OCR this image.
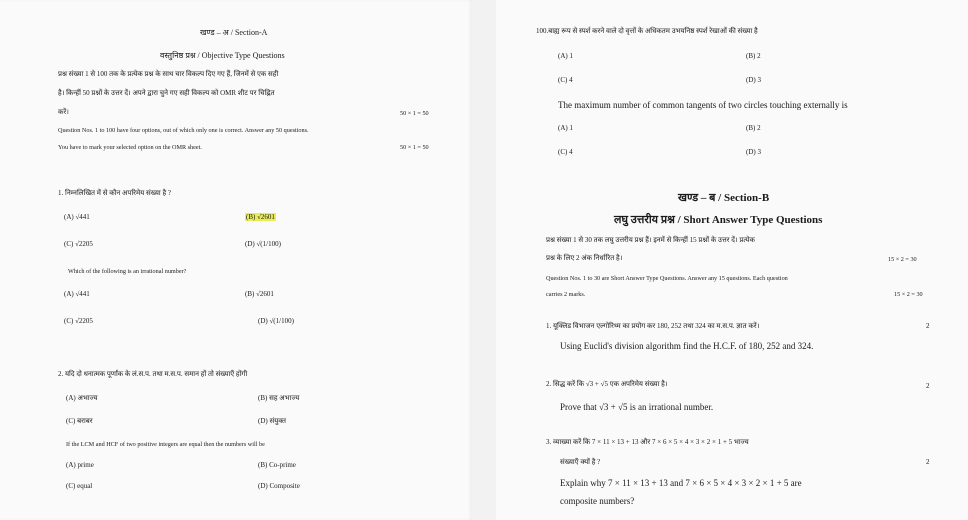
खण्ड – अ / Section-A
वस्तुनिष्ठ प्रश्न / Objective Type Questions
प्रश्न संख्या 1 से 100 तक के प्रत्येक प्रश्न के साथ चार विकल्प दिए गए हैं, जिनमें से एक सही
है। किन्हीं 50 प्रश्नों के उत्तर दें। अपने द्वारा चुने गए सही विकल्प को OMR शीट पर चिह्नित
करें।	50 × 1 = 50
Question Nos. 1 to 100 have four options, out of which only one is correct. Answer any 50 questions.
You have to mark your selected option on the OMR sheet.	50 × 1 = 50
1. निम्नलिखित में से कौन अपरिमेय संख्या है ?
(A) √441	(B) √2601
(C) √2205	(D) √(1/100)
Which of the following is an irrational number?
(A) √441	(B) √2601
(C) √2205	(D) √(1/100)
2. यदि दो धनात्मक पूर्णांक के लं.स.प. तथा म.स.प. समान हों तो संख्याएँ होंगी
(A) अभाज्य	(B) सह अभाज्य
(C) बराबर	(D) संयुक्त
If the LCM and HCF of two positive integers are equal then the numbers will be
(A) prime	(B) Co-prime
(C) equal	(D) Composite
100.बाह्य रूप से स्पर्श करने वाले दो वृत्तों के अधिकतम उभयनिष्ठ स्पर्श रेखाओं की संख्या है
(A) 1	(B) 2
(C) 4	(D) 3
The maximum number of common tangents of two circles touching externally is
(A) 1	(B) 2
(C) 4	(D) 3
खण्ड – ब / Section-B
लघु उत्तरीय प्रश्न / Short Answer Type Questions
प्रश्न संख्या 1 से 30 तक लघु उत्तरीय प्रश्न हैं। इनमें से किन्हीं 15 प्रश्नों के उत्तर दें। प्रत्येक
प्रश्न के लिए 2 अंक निर्धारित है।	15 × 2 = 30
Question Nos. 1 to 30 are Short Answer Type Questions. Answer any 15 questions. Each question
carries 2 marks.	15 × 2 = 30
1. यूक्लिड विभाजन एल्गोरिथ्म का प्रयोग कर 180, 252 तथा 324 का म.स.प. ज्ञात करें।	2
Using Euclid's division algorithm find the H.C.F. of 180, 252 and 324.
2. सिद्ध करें कि √3 + √5 एक अपरिमेय संख्या है।	2
Prove that √3 + √5 is an irrational number.
3. व्याख्या करें कि 7 × 11 × 13 + 13 और 7 × 6 × 5 × 4 × 3 × 2 × 1 + 5 भाज्य
संख्याएँ क्यों है ?	2
Explain why 7 × 11 × 13 + 13 and 7 × 6 × 5 × 4 × 3 × 2 × 1 + 5 are
composite numbers?
